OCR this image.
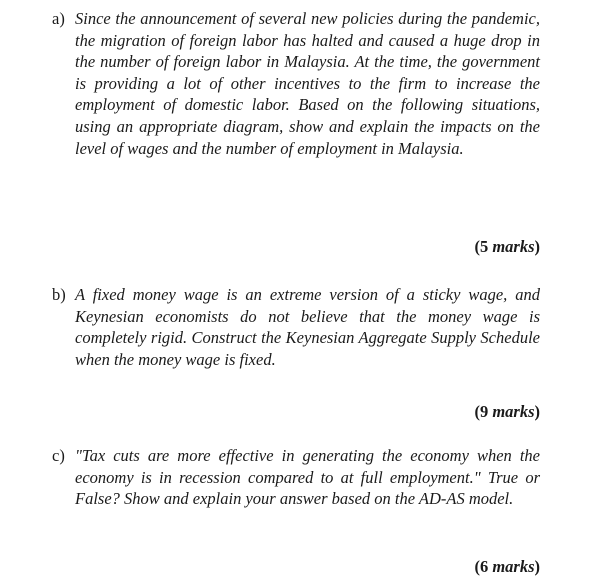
a) Since the announcement of several new policies during the pandemic, the migration of foreign labor has halted and caused a huge drop in the number of foreign labor in Malaysia. At the time, the government is providing a lot of other incentives to the firm to increase the employment of domestic labor. Based on the following situations, using an appropriate diagram, show and explain the impacts on the level of wages and the number of employment in Malaysia.
(5 marks)
b) A fixed money wage is an extreme version of a sticky wage, and Keynesian economists do not believe that the money wage is completely rigid. Construct the Keynesian Aggregate Supply Schedule when the money wage is fixed.
(9 marks)
c) "Tax cuts are more effective in generating the economy when the economy is in recession compared to at full employment." True or False? Show and explain your answer based on the AD-AS model.
(6 marks)
